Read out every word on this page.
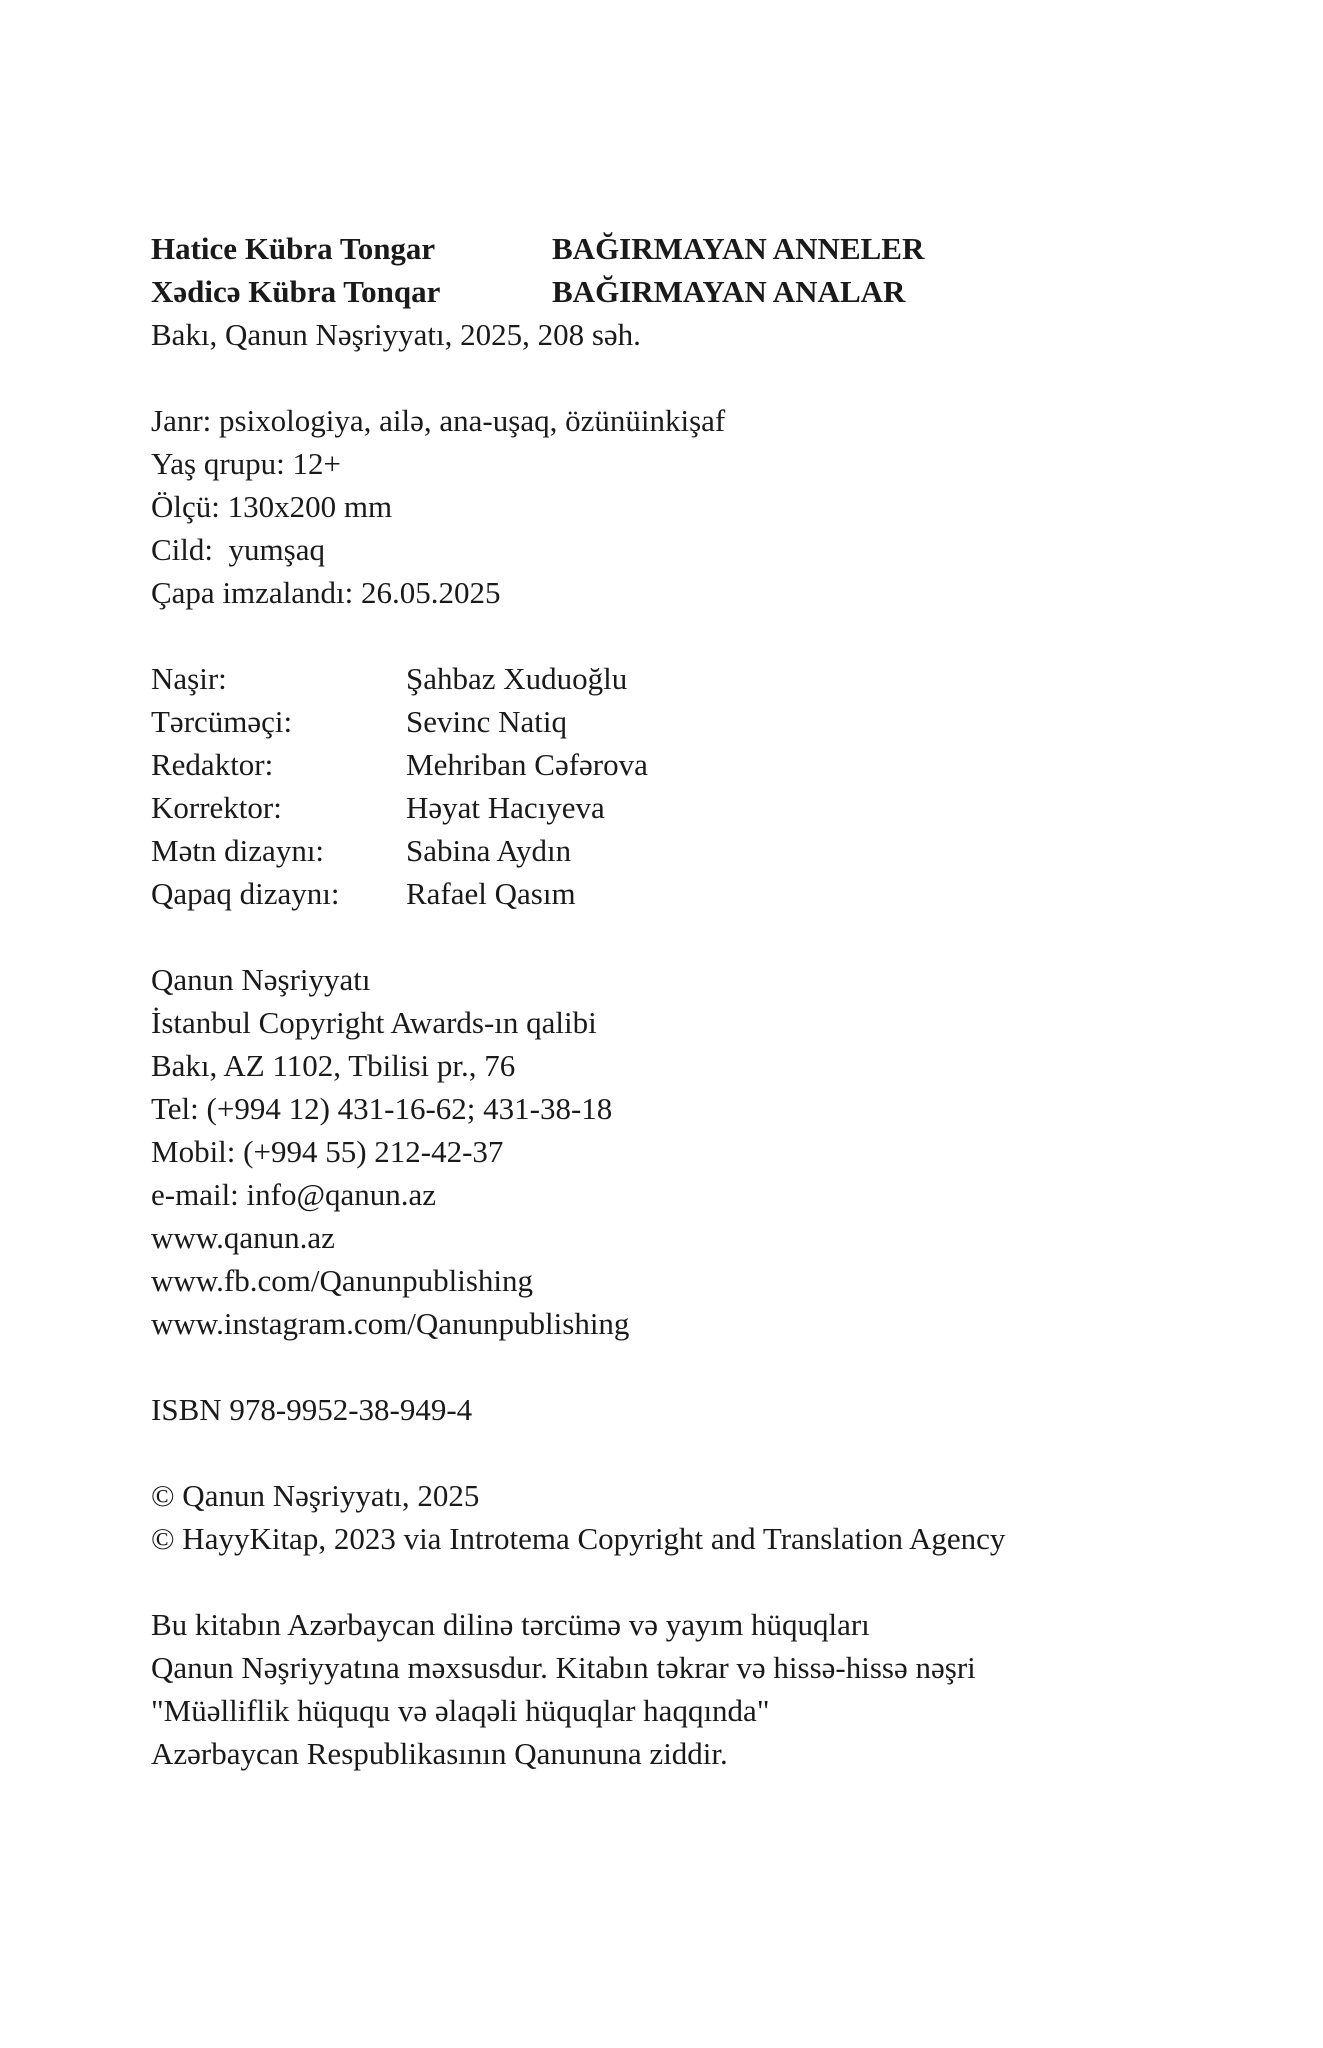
Hatice Kübra Tongar	BAĞIRMAYAN ANNELER
Xədicə Kübra Tonqar	BAĞIRMAYAN ANALAR
Bakı, Qanun Nəşriyyatı, 2025, 208 səh.
Janr: psixologiya, ailə, ana-uşaq, özünüinkişaf
Yaş qrupu: 12+
Ölçü: 130x200 mm
Cild:  yumşaq
Çapa imzalandı: 26.05.2025
Naşir:	Şahbaz Xuduoğlu
Tərcüməçi:	Sevinc Natiq
Redaktor:	Mehriban Cəfərova
Korrektor:	Həyat Hacıyeva
Mətn dizaynı:	Sabina Aydın
Qapaq dizaynı:	Rafael Qasım
Qanun Nəşriyyatı
İstanbul Copyright Awards-ın qalibi
Bakı, AZ 1102, Tbilisi pr., 76
Tel: (+994 12) 431-16-62; 431-38-18
Mobil: (+994 55) 212-42-37
e-mail: info@qanun.az
www.qanun.az
www.fb.com/Qanunpublishing
www.instagram.com/Qanunpublishing
ISBN 978-9952-38-949-4
© Qanun Nəşriyyatı, 2025
© HayyKitap, 2023 via Introtema Copyright and Translation Agency
Bu kitabın Azərbaycan dilinə tərcümə və yayım hüquqları
Qanun Nəşriyyatına məxsusdur. Kitabın təkrar və hissə-hissə nəşri
"Müəlliflik hüququ və əlaqəli hüquqlar haqqında"
Azərbaycan Respublikasının Qanununa ziddir.
